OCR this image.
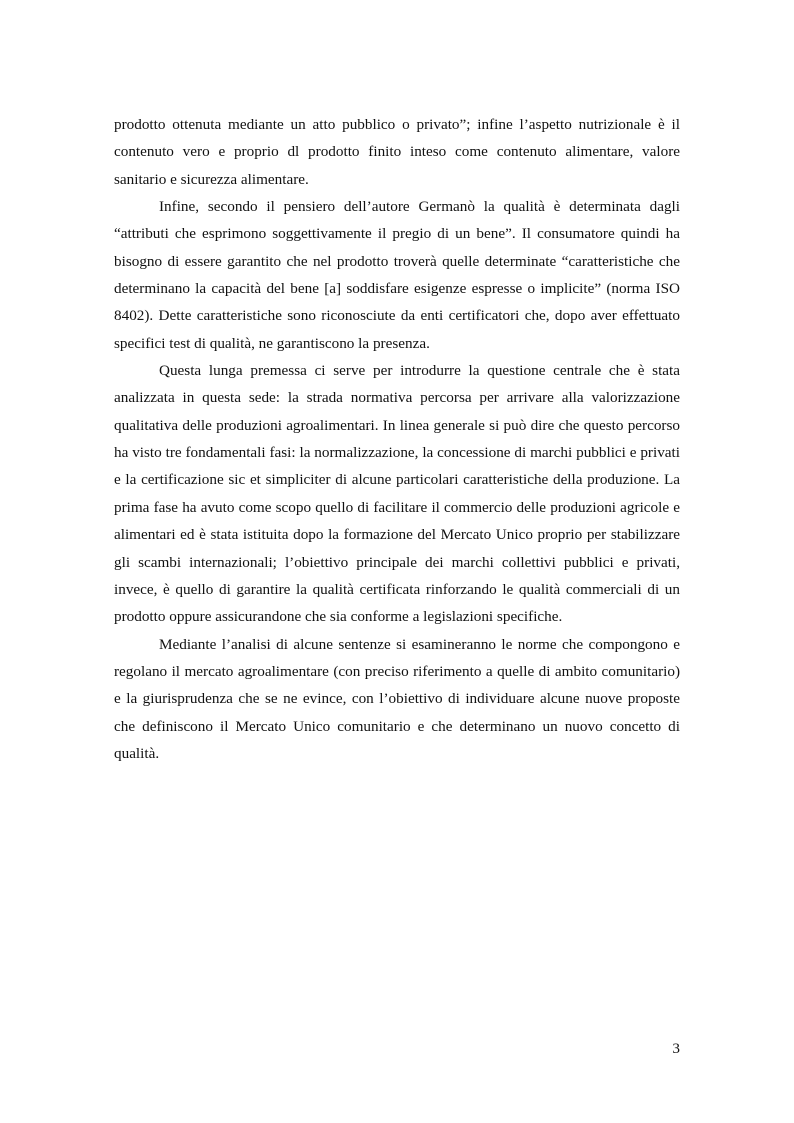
prodotto ottenuta mediante un atto pubblico o privato”; infine l’aspetto nutrizionale è il contenuto vero e proprio dl prodotto finito inteso come contenuto alimentare, valore sanitario e sicurezza alimentare.

Infine, secondo il pensiero dell’autore Germanò la qualità è determinata dagli “attributi che esprimono soggettivamente il pregio di un bene”. Il consumatore quindi ha bisogno di essere garantito che nel prodotto troverà quelle determinate “caratteristiche che determinano la capacità del bene [a] soddisfare esigenze espresse o implicite” (norma ISO 8402). Dette caratteristiche sono riconosciute da enti certificatori che, dopo aver effettuato specifici test di qualità, ne garantiscono la presenza.

Questa lunga premessa ci serve per introdurre la questione centrale che è stata analizzata in questa sede: la strada normativa percorsa per arrivare alla valorizzazione qualitativa delle produzioni agroalimentari. In linea generale si può dire che questo percorso ha visto tre fondamentali fasi: la normalizzazione, la concessione di marchi pubblici e privati e la certificazione sic et simpliciter di alcune particolari caratteristiche della produzione. La prima fase ha avuto come scopo quello di facilitare il commercio delle produzioni agricole e alimentari ed è stata istituita dopo la formazione del Mercato Unico proprio per stabilizzare gli scambi internazionali; l’obiettivo principale dei marchi collettivi pubblici e privati, invece, è quello di garantire la qualità certificata rinforzando le qualità commerciali di un prodotto oppure assicurandone che sia conforme a legislazioni specifiche.

Mediante l’analisi di alcune sentenze si esamineranno le norme che compongono e regolano il mercato agroalimentare (con preciso riferimento a quelle di ambito comunitario) e la giurisprudenza che se ne evince, con l’obiettivo di individuare alcune nuove proposte che definiscono il Mercato Unico comunitario e che determinano un nuovo concetto di qualità.

3
